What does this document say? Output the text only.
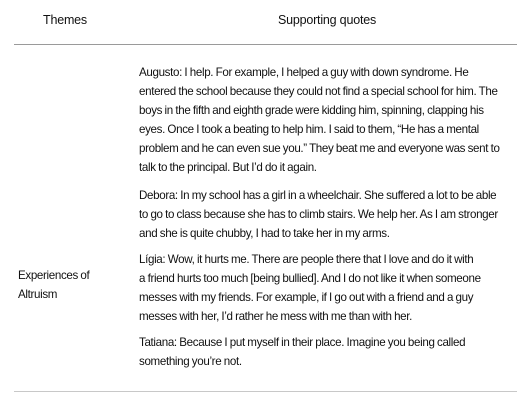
Themes	Supporting quotes
Experiences of
Altruism

Augusto: I help. For example, I helped a guy with down syndrome. He
entered the school because they could not find a special school for him. The
boys in the fifth and eighth grade were kidding him, spinning, clapping his
eyes. Once I took a beating to help him. I said to them, “He has a mental
problem and he can even sue you.” They beat me and everyone was sent to
talk to the principal. But I’d do it again.

Debora: In my school has a girl in a wheelchair. She suffered a lot to be able
to go to class because she has to climb stairs. We help her. As I am stronger
and she is quite chubby, I had to take her in my arms.

Lígia: Wow, it hurts me. There are people there that I love and do it with
a friend hurts too much [being bullied]. And I do not like it when someone
messes with my friends. For example, if I go out with a friend and a guy
messes with her, I’d rather he mess with me than with her.

Tatiana: Because I put myself in their place. Imagine you being called
something you’re not.
